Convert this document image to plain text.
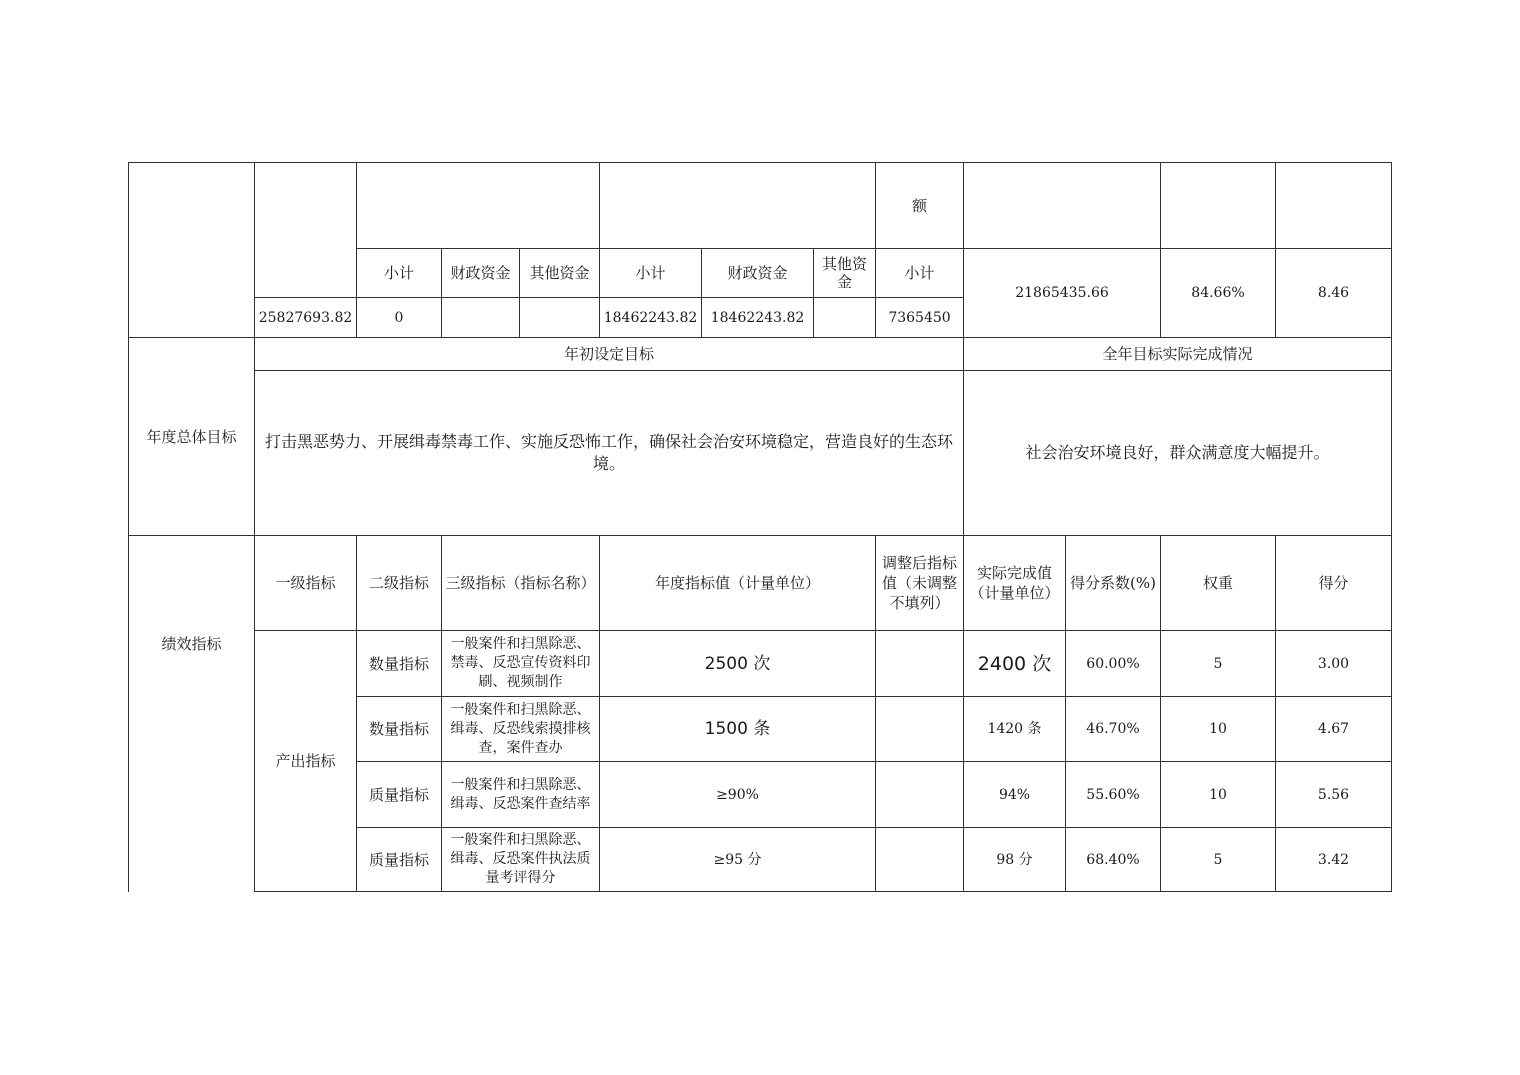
								额				
		小计	财政资金	其他资金	小计	财政资金	其他资金	小计	21865435.66		84.66%	8.46
	25827693.82	0			18462243.82	18462243.82		7365450				
年度总体目标	年初设定目标								全年目标实际完成情况			
	打击黑恶势力、开展缉毒禁毒工作、实施反恐怖工作，确保社会治安环境稳定，营造良好的生态环境。								社会治安环境良好，群众满意度大幅提升。			
绩效指标	一级指标	二级指标	三级指标（指标名称）		年度指标值（计量单位）			调整后指标值（未调整不填列）	实际完成值（计量单位）	得分系数(%)	权重	得分
	产出指标	数量指标	一般案件和扫黑除恶、禁毒、反恐宣传资料印刷、视频制作		2500 次				2400 次	60.00%	5	3.00
		数量指标	一般案件和扫黑除恶、缉毒、反恐线索摸排核查，案件查办		1500 条				1420 条	46.70%	10	4.67
		质量指标	一般案件和扫黑除恶、缉毒、反恐案件查结率		≥90%				94%	55.60%	10	5.56
		质量指标	一般案件和扫黑除恶、缉毒、反恐案件执法质量考评得分		≥95 分				98 分	68.40%	5	3.42
